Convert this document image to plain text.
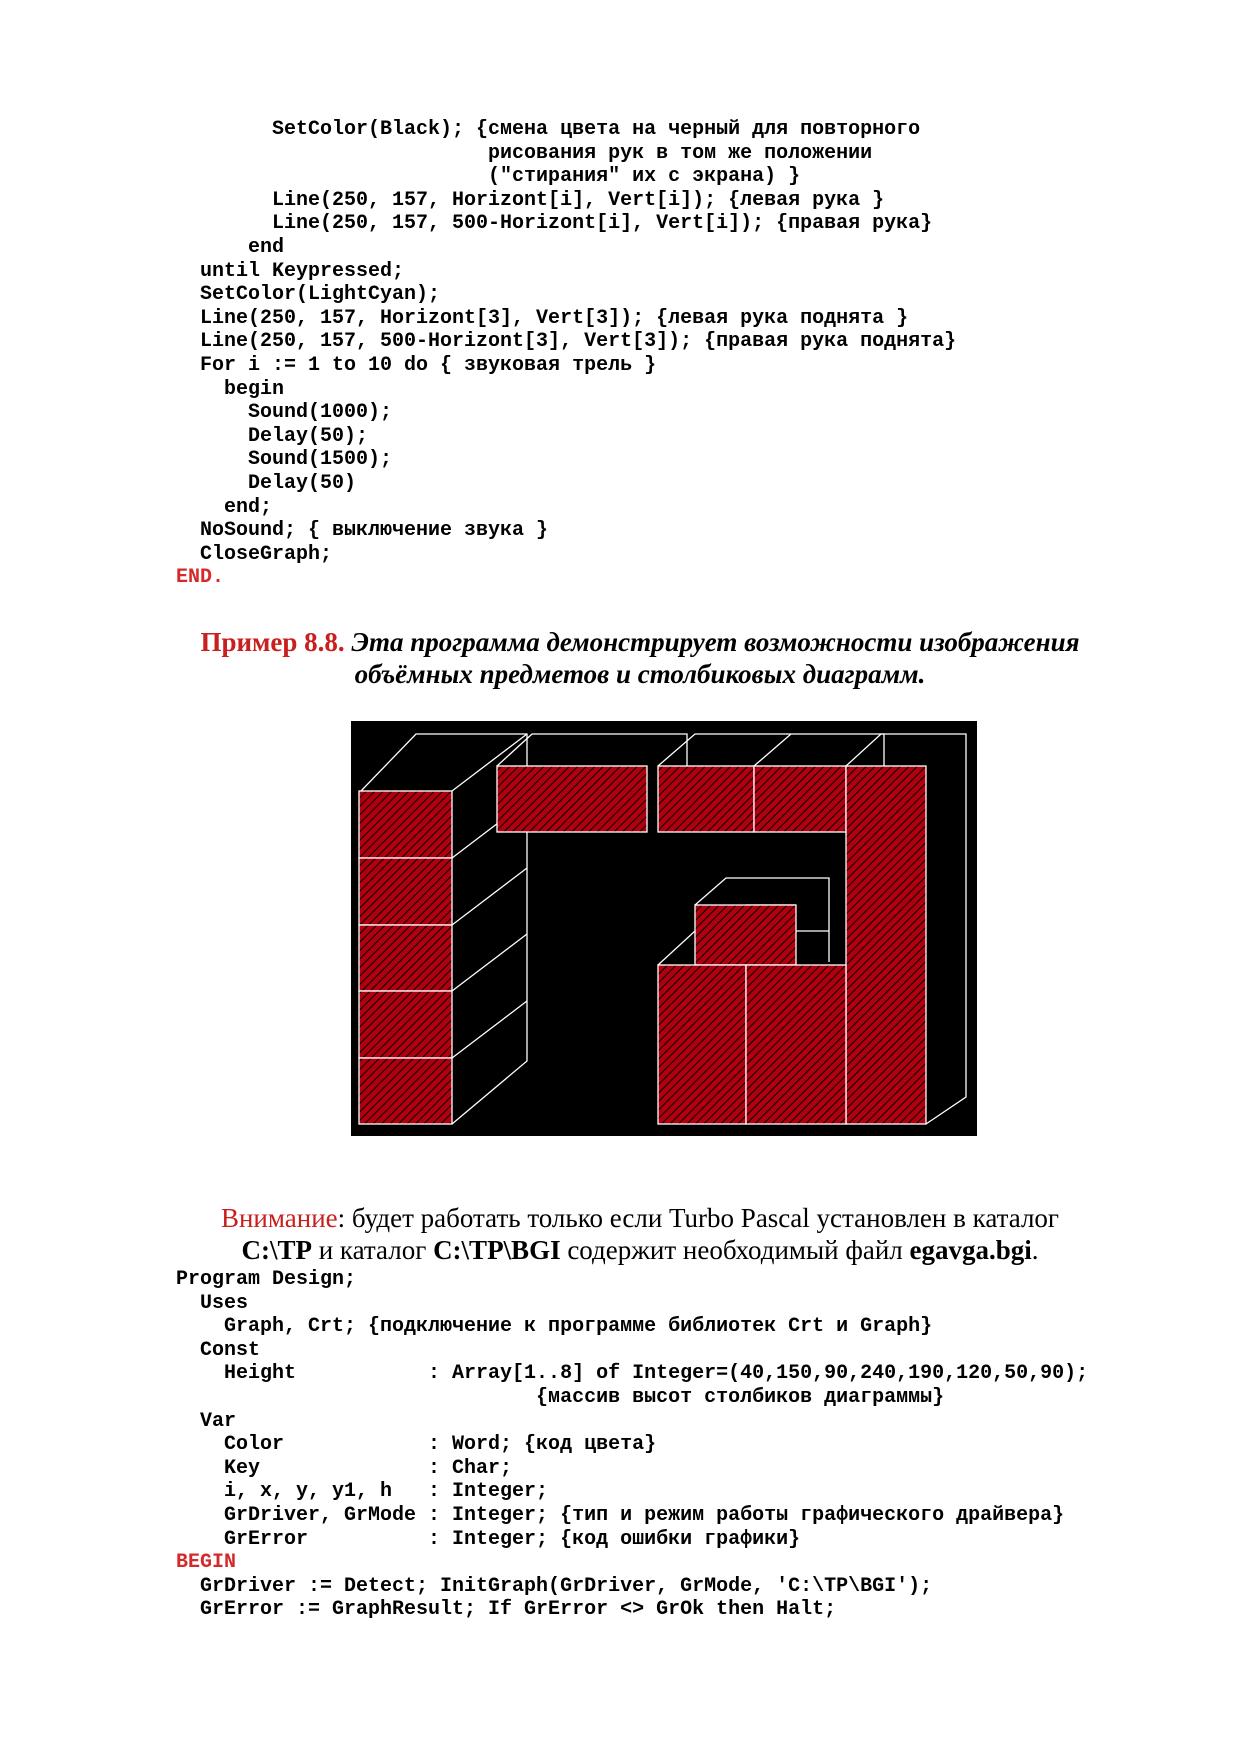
SetColor(Black); {смена цвета на черный для повторного
рисования рук в том же положении
("стирания" их с экрана) }
Line(250, 157, Horizont[i], Vert[i]); {левая рука }
Line(250, 157, 500-Horizont[i], Vert[i]); {правая рука}
end
until Keypressed;
SetColor(LightCyan);
Line(250, 157, Horizont[3], Vert[3]); {левая рука поднята }
Line(250, 157, 500-Horizont[3], Vert[3]); {правая рука поднята}
For i := 1 to 10 do { звуковая трель }
begin
Sound(1000);
Delay(50);
Sound(1500);
Delay(50)
end;
NoSound; { выключение звука }
CloseGraph;
END.
Пример 8.8. Эта программа демонстрирует возможности изображения
объёмных предметов и столбиковых диаграмм.
Внимание: будет работать только если Turbo Pascal установлен в каталог
C:\TP и каталог C:\TP\BGI содержит необходимый файл egavga.bgi.
Program Design;
Uses
Graph, Crt; {подключение к программе библиотек Crt и Graph}
Const
Height           : Array[1..8] of Integer=(40,150,90,240,190,120,50,90);
{массив высот столбиков диаграммы}
Var
Color            : Word; {код цвета}
Key              : Char;
i, x, y, y1, h   : Integer;
GrDriver, GrMode : Integer; {тип и режим работы графического драйвера}
GrError          : Integer; {код ошибки графики}
BEGIN
GrDriver := Detect; InitGraph(GrDriver, GrMode, 'C:\TP\BGI');
GrError := GraphResult; If GrError <> GrOk then Halt;
